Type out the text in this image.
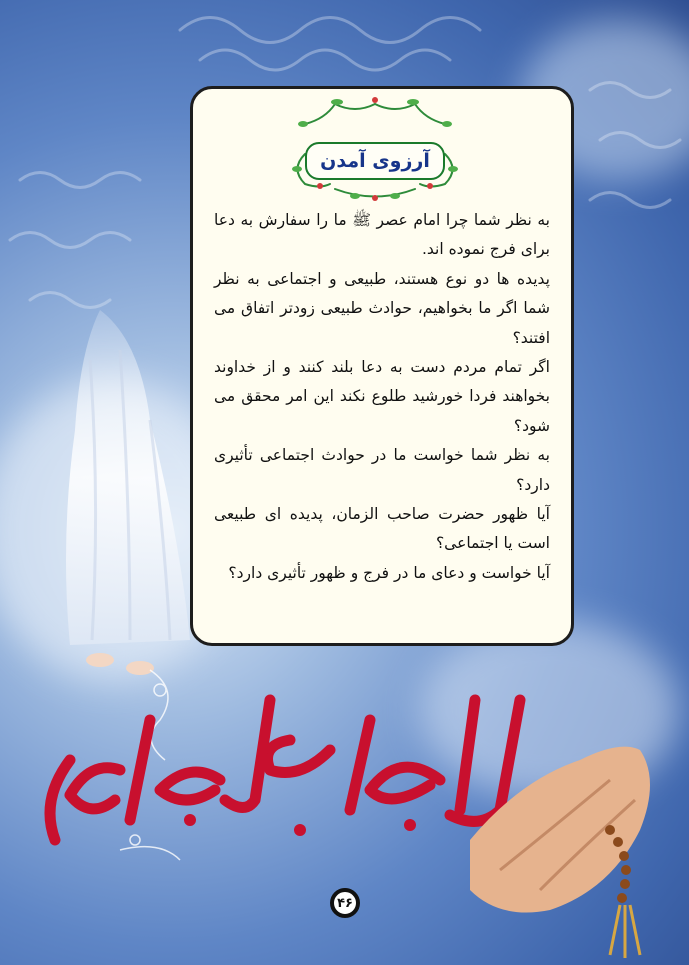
آرزوی آمدن

به نظر شما چرا امام عصر ﷺ ما را سفارش به دعا برای فرج نموده اند.

پدیده ها دو نوع هستند، طبیعی و اجتماعی به نظر شما اگر ما بخواهیم، حوادث طبیعی زودتر اتفاق می افتند؟

اگر تمام مردم دست به دعا بلند کنند و از خداوند بخواهند فردا خورشید طلوع نکند این امر محقق می شود؟

به نظر شما خواست ما در حوادث اجتماعی تأثیری دارد؟

آیا ظهور حضرت صاحب الزمان، پدیده ای طبیعی است یا اجتماعی؟

آیا خواست و دعای ما در فرج و ظهور تأثیری دارد؟

۴۶
